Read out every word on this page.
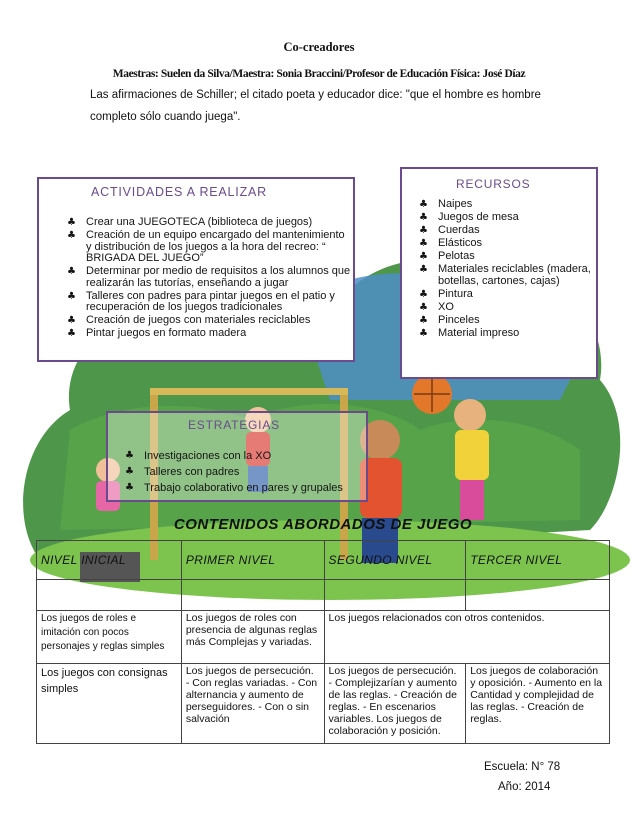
Co-creadores
Maestras: Suelen da Silva/Maestra: Sonia Braccini/Profesor de Educación Física: José Díaz
Las afirmaciones de Schiller; el citado poeta y educador dice: "que el hombre es hombre completo sólo cuando juega".
ACTIVIDADES A REALIZAR
♣ Crear una JUEGOTECA (biblioteca de juegos)
♣ Creación de un equipo encargado del mantenimiento y distribución de los juegos a la hora del recreo: “ BRIGADA DEL JUEGO”
♣ Determinar por medio de requisitos a los alumnos que realizarán las tutorías, enseñando a jugar
♣ Talleres con padres para pintar juegos en el patio y recuperación de los juegos tradicionales
♣ Creación de juegos con materiales reciclables
♣ Pintar juegos en formato madera
RECURSOS
♣ Naipes
♣ Juegos de mesa
♣ Cuerdas
♣ Elásticos
♣ Pelotas
♣ Materiales reciclables (madera, botellas, cartones, cajas)
♣ Pintura
♣ XO
♣ Pinceles
♣ Material impreso
ESTRATEGIAS
♣ Investigaciones con la XO
♣ Talleres con padres
♣ Trabajo colaborativo en pares y grupales
CONTENIDOS ABORDADOS DE JUEGO
NIVEL INICIAL	PRIMER NIVEL	SEGUNDO NIVEL	TERCER NIVEL

Los juegos de roles e imitación con pocos personajes y reglas simples	Los juegos de roles con presencia de algunas reglas más Complejas y variadas.	Los juegos relacionados con otros contenidos.	
Los juegos con consignas simples	Los juegos de persecución. - Con reglas variadas. - Con alternancia y aumento de perseguidores. - Con o sin salvación	Los juegos de persecución. - Complejizarían y aumento de las reglas. - Creación de reglas. - En escenarios variables. Los juegos de colaboración y posición.	Los juegos de colaboración y oposición. - Aumento en la Cantidad y complejidad de las reglas. - Creación de reglas.
Escuela: N° 78
Año: 2014
